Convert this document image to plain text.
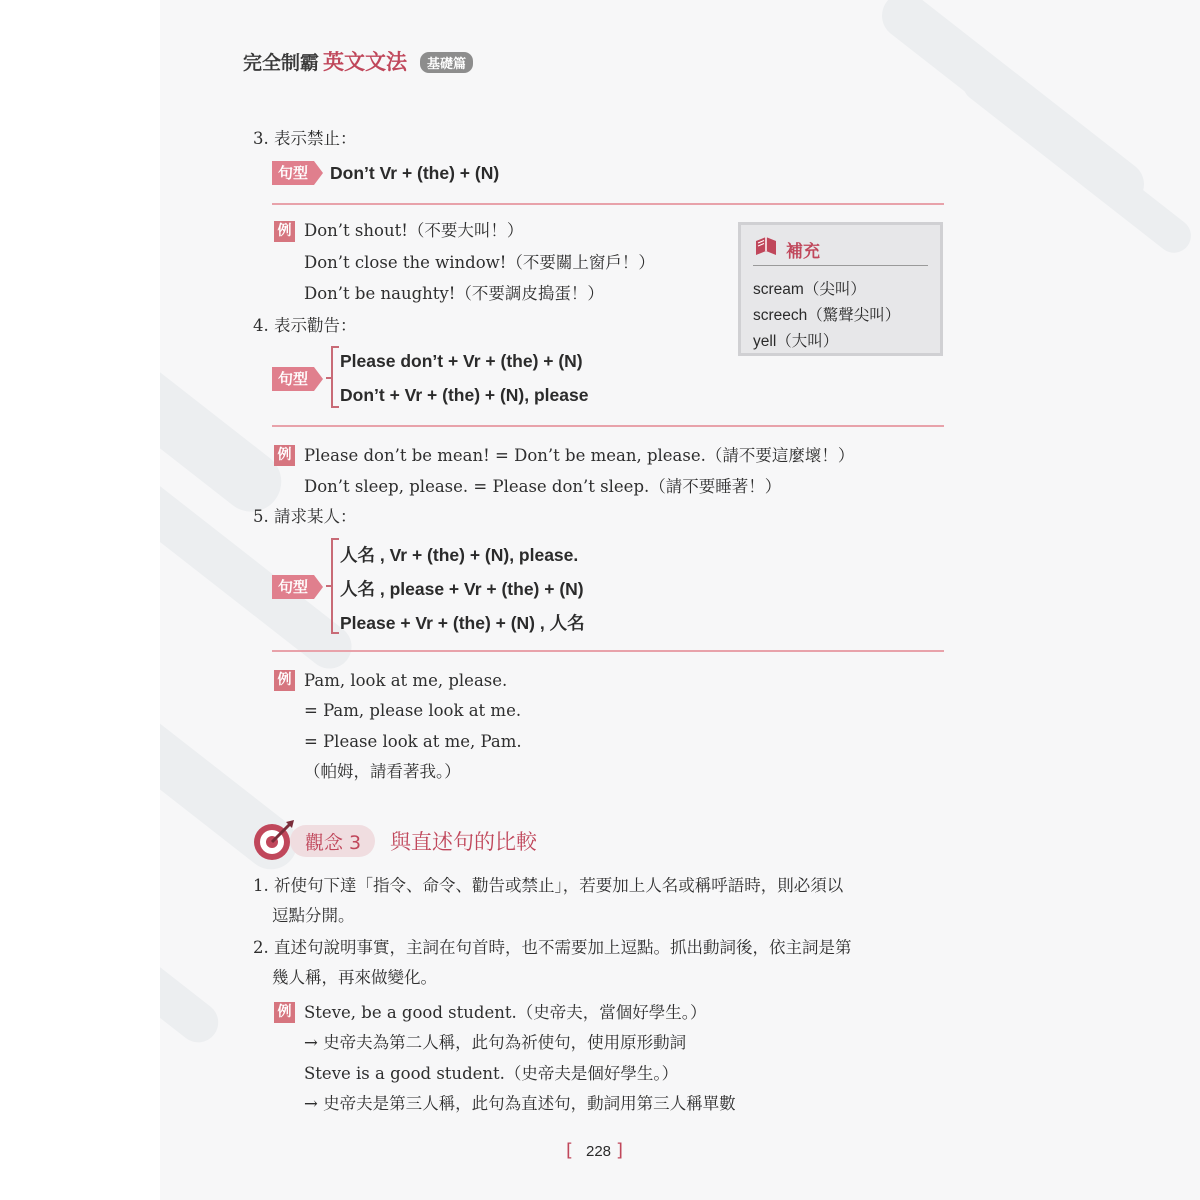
完全制霸 英文文法	基礎篇
3. 表示禁止：
句型	Don’t Vr + (the) + (N)
例 Don’t shout!（不要大叫！）
Don’t close the window!（不要關上窗戶！）
Don’t be naughty!（不要調皮搗蛋！）
補充
scream（尖叫）
screech（驚聲尖叫）
yell（大叫）
4. 表示勸告：
句型
Please don’t + Vr + (the) + (N)
Don’t + Vr + (the) + (N), please
例 Please don’t be mean! = Don’t be mean, please.（請不要這麼壞！）
Don’t sleep, please. = Please don’t sleep.（請不要睡著！）
5. 請求某人：
句型
人名 , Vr + (the) + (N), please.
人名 , please + Vr + (the) + (N)
Please + Vr + (the) + (N) , 人名
例 Pam, look at me, please.
= Pam, please look at me.
= Please look at me, Pam.
（帕姆，請看著我。）
觀念 3 與直述句的比較
1. 祈使句下達「指令、命令、勸告或禁止」，若要加上人名或稱呼語時，則必須以
逗點分開。
2. 直述句說明事實，主詞在句首時，也不需要加上逗點。抓出動詞後，依主詞是第
幾人稱，再來做變化。
例 Steve, be a good student.（史帝夫，當個好學生。）
→ 史帝夫為第二人稱，此句為祈使句，使用原形動詞
Steve is a good student.（史帝夫是個好學生。）
→ 史帝夫是第三人稱，此句為直述句，動詞用第三人稱單數
[ 228 ]
